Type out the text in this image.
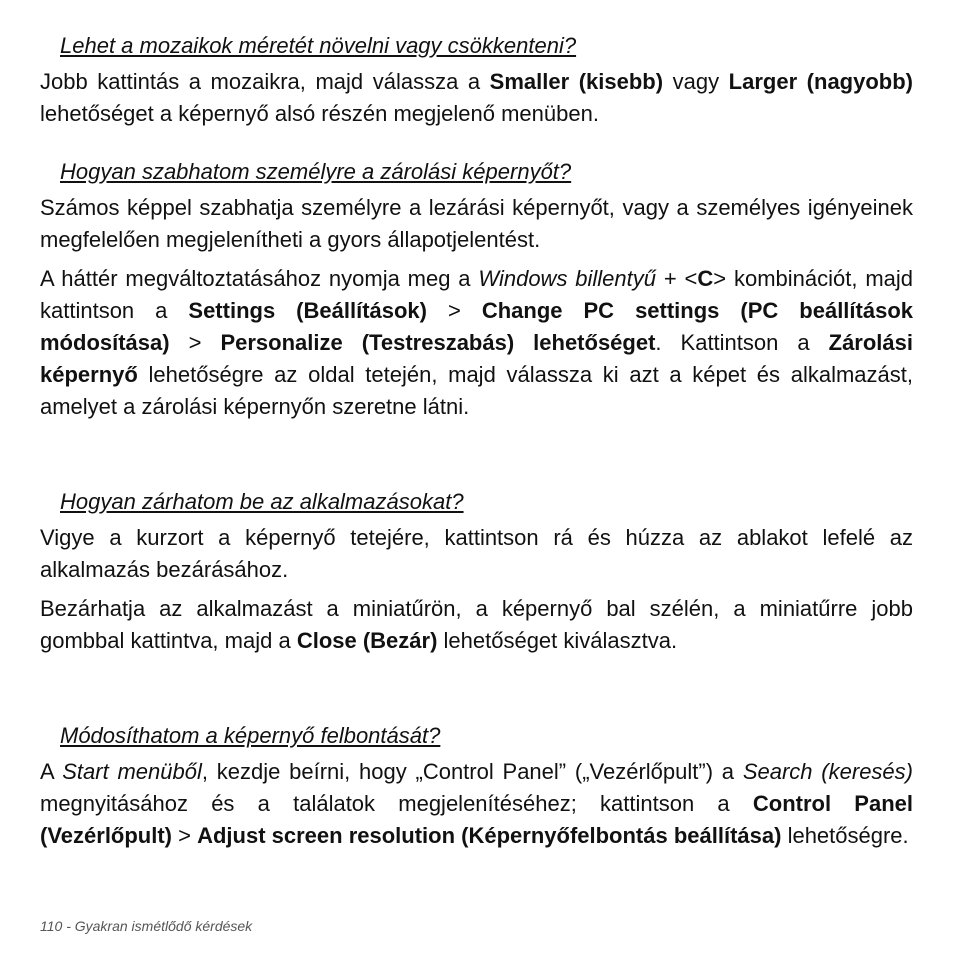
Lehet a mozaikok méretét növelni vagy csökkenteni?

Jobb kattintás a mozaikra, majd válassza a Smaller (kisebb) vagy Larger (nagyobb) lehetőséget a képernyő alsó részén megjelenő menüben.

Hogyan szabhatom személyre a zárolási képernyőt?

Számos képpel szabhatja személyre a lezárási képernyőt, vagy a személyes igényeinek megfelelően megjelenítheti a gyors állapotjelentést.

A háttér megváltoztatásához nyomja meg a Windows billentyű + <C> kombinációt, majd kattintson a Settings (Beállítások) > Change PC settings (PC beállítások módosítása) > Personalize (Testreszabás) lehetőséget. Kattintson a Zárolási képernyő lehetőségre az oldal tetején, majd válassza ki azt a képet és alkalmazást, amelyet a zárolási képernyőn szeretne látni.

Hogyan zárhatom be az alkalmazásokat?

Vigye a kurzort a képernyő tetejére, kattintson rá és húzza az ablakot lefelé az alkalmazás bezárásához.

Bezárhatja az alkalmazást a miniatűrön, a képernyő bal szélén, a miniatűrre jobb gombbal kattintva, majd a Close (Bezár) lehetőséget kiválasztva.

Módosíthatom a képernyő felbontását?

A Start menüből, kezdje beírni, hogy „Control Panel” („Vezérlőpult”) a Search (keresés) megnyitásához és a találatok megjelenítéséhez; kattintson a Control Panel (Vezérlőpult) > Adjust screen resolution (Képernyőfelbontás beállítása) lehetőségre.

110 - Gyakran ismétlődő kérdések
